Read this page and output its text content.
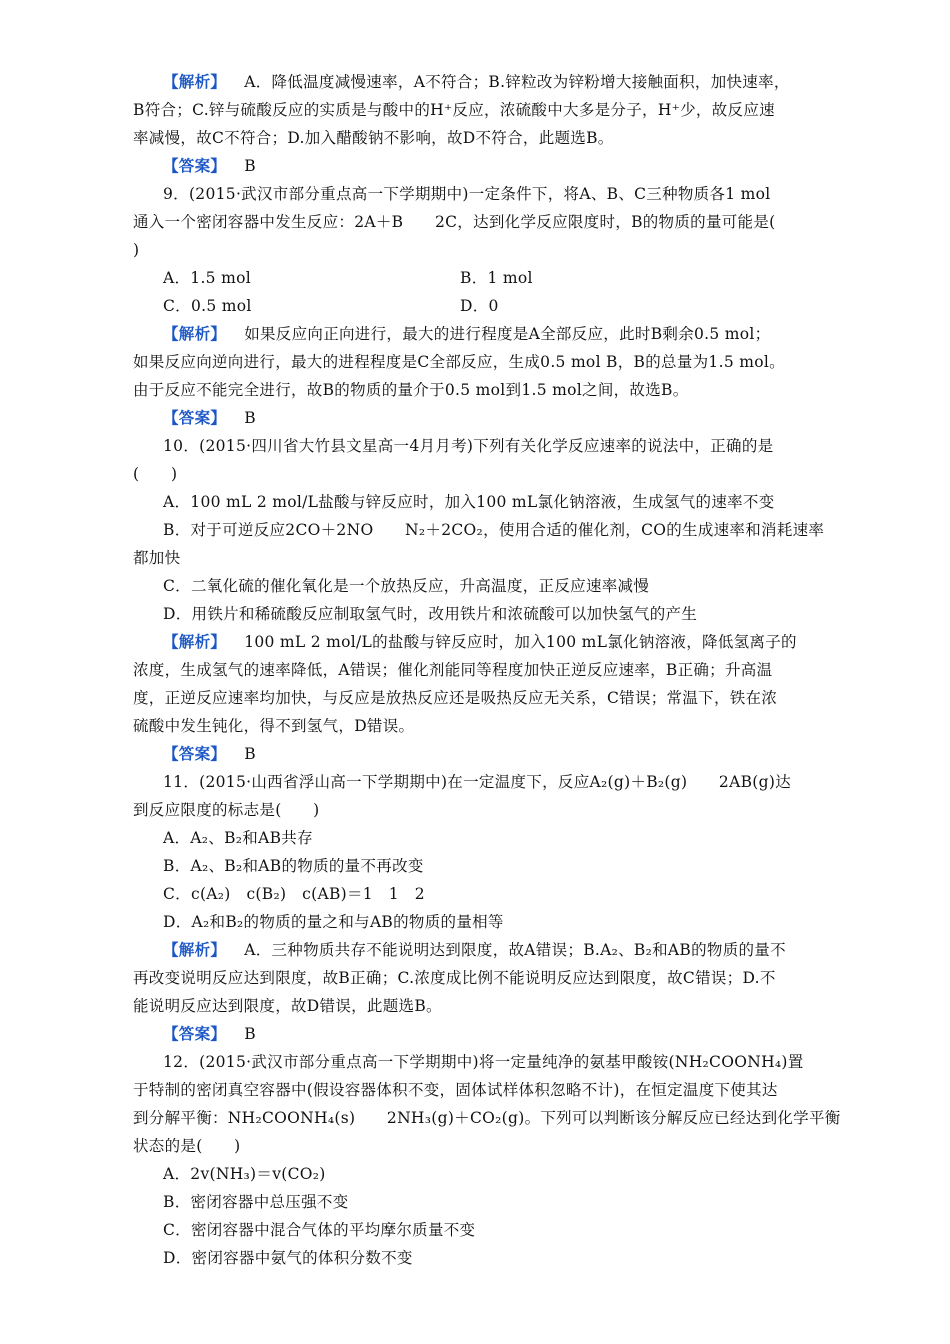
【解析】 A．降低温度减慢速率，A不符合；B.锌粒改为锌粉增大接触面积，加快速率，
B符合；C.锌与硫酸反应的实质是与酸中的H⁺反应，浓硫酸中大多是分子，H⁺少，故反应速
率减慢，故C不符合；D.加入醋酸钠不影响，故D不符合，此题选B。
【答案】 B
9．(2015·武汉市部分重点高一下学期期中)一定条件下，将A、B、C三种物质各1 mol
通入一个密闭容器中发生反应：2A＋B　　2C，达到化学反应限度时，B的物质的量可能是(
)
A．1.5 mol	B．1 mol
C．0.5 mol	D．0
【解析】 如果反应向正向进行，最大的进行程度是A全部反应，此时B剩余0.5 mol；
如果反应向逆向进行，最大的进程程度是C全部反应，生成0.5 mol B，B的总量为1.5 mol。
由于反应不能完全进行，故B的物质的量介于0.5 mol到1.5 mol之间，故选B。
【答案】 B
10．(2015·四川省大竹县文星高一4月月考)下列有关化学反应速率的说法中，正确的是
(　　)
A．100 mL 2 mol/L盐酸与锌反应时，加入100 mL氯化钠溶液，生成氢气的速率不变
B．对于可逆反应2CO＋2NO　　N₂＋2CO₂，使用合适的催化剂，CO的生成速率和消耗速率
都加快
C．二氧化硫的催化氧化是一个放热反应，升高温度，正反应速率减慢
D．用铁片和稀硫酸反应制取氢气时，改用铁片和浓硫酸可以加快氢气的产生
【解析】 100 mL 2 mol/L的盐酸与锌反应时，加入100 mL氯化钠溶液，降低氢离子的
浓度，生成氢气的速率降低，A错误；催化剂能同等程度加快正逆反应速率，B正确；升高温
度，正逆反应速率均加快，与反应是放热反应还是吸热反应无关系，C错误；常温下，铁在浓
硫酸中发生钝化，得不到氢气，D错误。
【答案】 B
11．(2015·山西省浮山高一下学期期中)在一定温度下，反应A₂(g)＋B₂(g)　　2AB(g)达
到反应限度的标志是(　　)
A．A₂、B₂和AB共存
B．A₂、B₂和AB的物质的量不再改变
C．c(A₂)　c(B₂)　c(AB)＝1　1　2
D．A₂和B₂的物质的量之和与AB的物质的量相等
【解析】 A．三种物质共存不能说明达到限度，故A错误；B.A₂、B₂和AB的物质的量不
再改变说明反应达到限度，故B正确；C.浓度成比例不能说明反应达到限度，故C错误；D.不
能说明反应达到限度，故D错误，此题选B。
【答案】 B
12．(2015·武汉市部分重点高一下学期期中)将一定量纯净的氨基甲酸铵(NH₂COONH₄)置
于特制的密闭真空容器中(假设容器体积不变，固体试样体积忽略不计)，在恒定温度下使其达
到分解平衡：NH₂COONH₄(s)　　2NH₃(g)＋CO₂(g)。下列可以判断该分解反应已经达到化学平衡
状态的是(　　)
A．2v(NH₃)＝v(CO₂)
B．密闭容器中总压强不变
C．密闭容器中混合气体的平均摩尔质量不变
D．密闭容器中氨气的体积分数不变
